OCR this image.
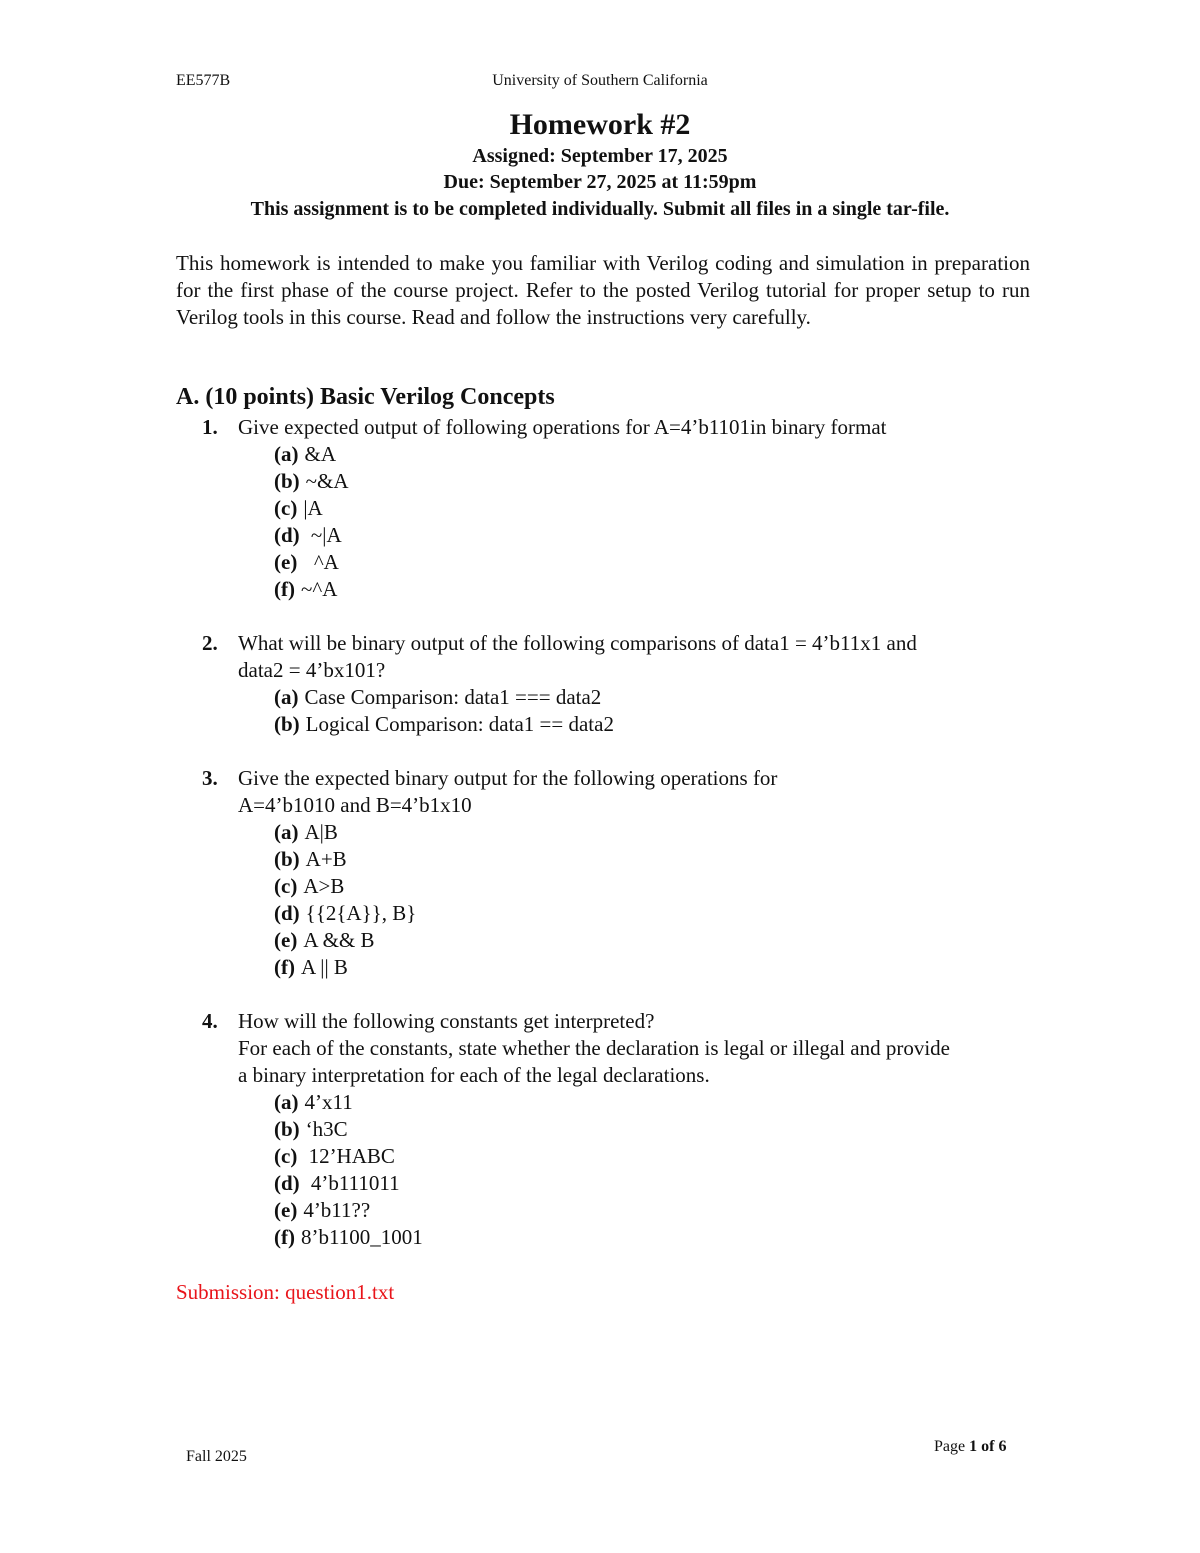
EE577B	University of Southern California
Homework #2
Assigned: September 17, 2025
Due: September 27, 2025 at 11:59pm
This assignment is to be completed individually. Submit all files in a single tar-file.

This homework is intended to make you familiar with Verilog coding and simulation in preparation for the first phase of the course project. Refer to the posted Verilog tutorial for proper setup to run Verilog tools in this course. Read and follow the instructions very carefully.

A. (10 points) Basic Verilog Concepts
1. Give expected output of following operations for A=4’b1101in binary format
(a) &A
(b) ~&A
(c) |A
(d) ~|A
(e)  ^A
(f) ~^A
2. What will be binary output of the following comparisons of data1 = 4’b11x1 and
data2 = 4’bx101?
(a) Case Comparison: data1 === data2
(b) Logical Comparison: data1 == data2
3. Give the expected binary output for the following operations for
A=4’b1010 and B=4’b1x10
(a) A|B
(b) A+B
(c) A>B
(d) {{2{A}}, B}
(e) A && B
(f) A || B
4. How will the following constants get interpreted?
For each of the constants, state whether the declaration is legal or illegal and provide
a binary interpretation for each of the legal declarations.
(a) 4’x11
(b) ‘h3C
(c) 12’HABC
(d) 4’b111011
(e) 4’b11??
(f) 8’b1100_1001
Submission: question1.txt
Fall 2025
Page 1 of 6
